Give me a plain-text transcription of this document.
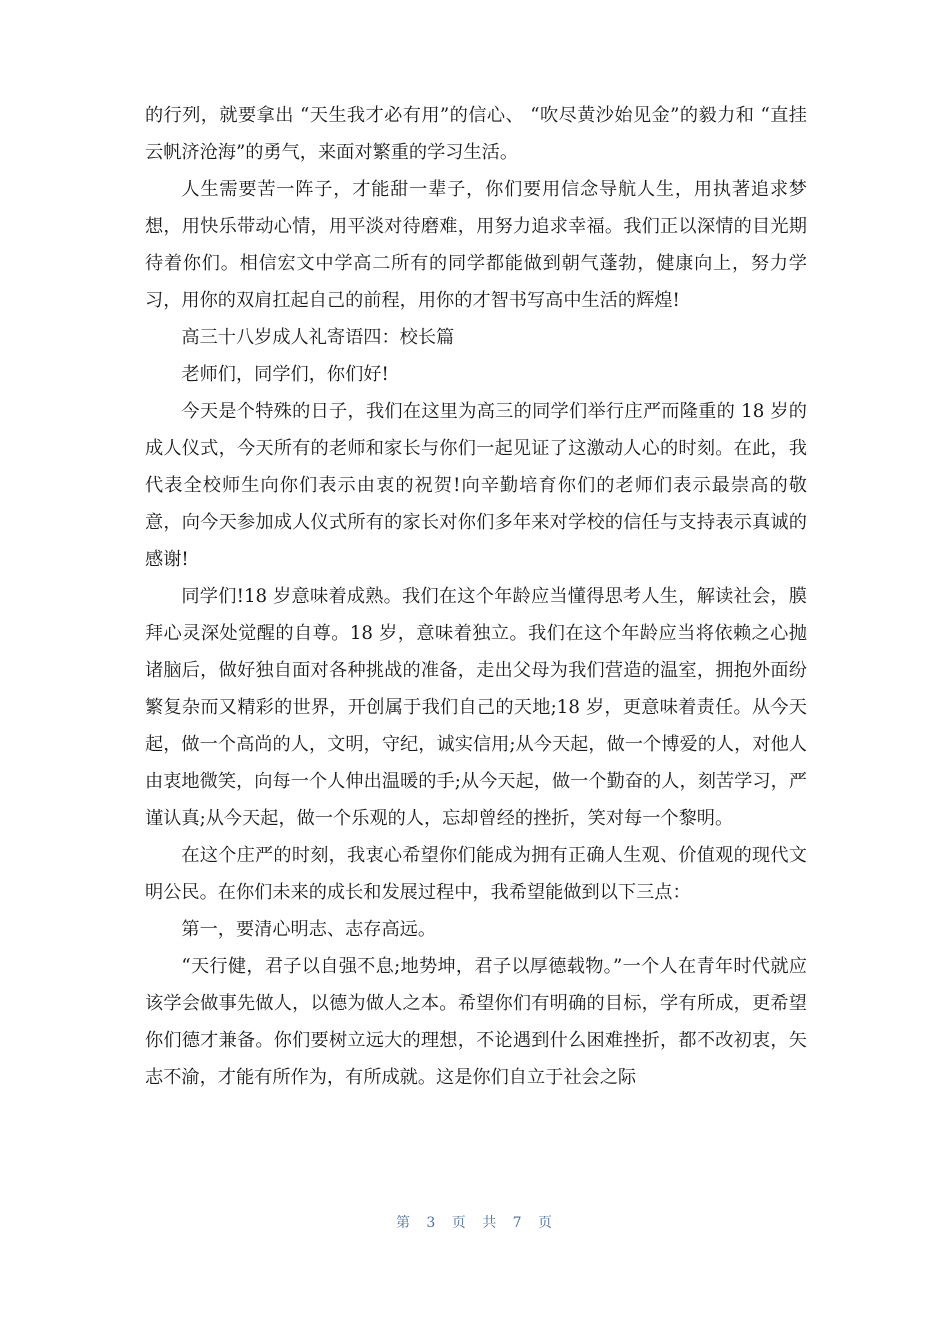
的行列，就要拿出 “天生我才必有用”的信心、 “吹尽黄沙始见金”的毅力和 “直挂云帆济沧海”的勇气，来面对繁重的学习生活。

人生需要苦一阵子，才能甜一辈子，你们要用信念导航人生，用执著追求梦想，用快乐带动心情，用平淡对待磨难，用努力追求幸福。我们正以深情的目光期待着你们。相信宏文中学高二所有的同学都能做到朝气蓬勃，健康向上，努力学习，用你的双肩扛起自己的前程，用你的才智书写高中生活的辉煌!

高三十八岁成人礼寄语四：校长篇

老师们，同学们，你们好!

今天是个特殊的日子，我们在这里为高三的同学们举行庄严而隆重的 18 岁的成人仪式，今天所有的老师和家长与你们一起见证了这激动人心的时刻。在此，我代表全校师生向你们表示由衷的祝贺!向辛勤培育你们的老师们表示最崇高的敬意，向今天参加成人仪式所有的家长对你们多年来对学校的信任与支持表示真诚的感谢!

同学们!18 岁意味着成熟。我们在这个年龄应当懂得思考人生，解读社会，膜拜心灵深处觉醒的自尊。18 岁，意味着独立。我们在这个年龄应当将依赖之心抛诸脑后，做好独自面对各种挑战的准备，走出父母为我们营造的温室，拥抱外面纷繁复杂而又精彩的世界，开创属于我们自己的天地;18 岁，更意味着责任。从今天起，做一个高尚的人，文明，守纪，诚实信用;从今天起，做一个博爱的人，对他人由衷地微笑，向每一个人伸出温暖的手;从今天起，做一个勤奋的人，刻苦学习，严谨认真;从今天起，做一个乐观的人，忘却曾经的挫折，笑对每一个黎明。

在这个庄严的时刻，我衷心希望你们能成为拥有正确人生观、价值观的现代文明公民。在你们未来的成长和发展过程中，我希望能做到以下三点：

第一，要清心明志、志存高远。

“天行健，君子以自强不息;地势坤，君子以厚德载物。”一个人在青年时代就应该学会做事先做人，以德为做人之本。希望你们有明确的目标，学有所成，更希望你们德才兼备。你们要树立远大的理想，不论遇到什么困难挫折，都不改初衷，矢志不渝，才能有所作为，有所成就。这是你们自立于社会之际

第 3 页 共 7 页
